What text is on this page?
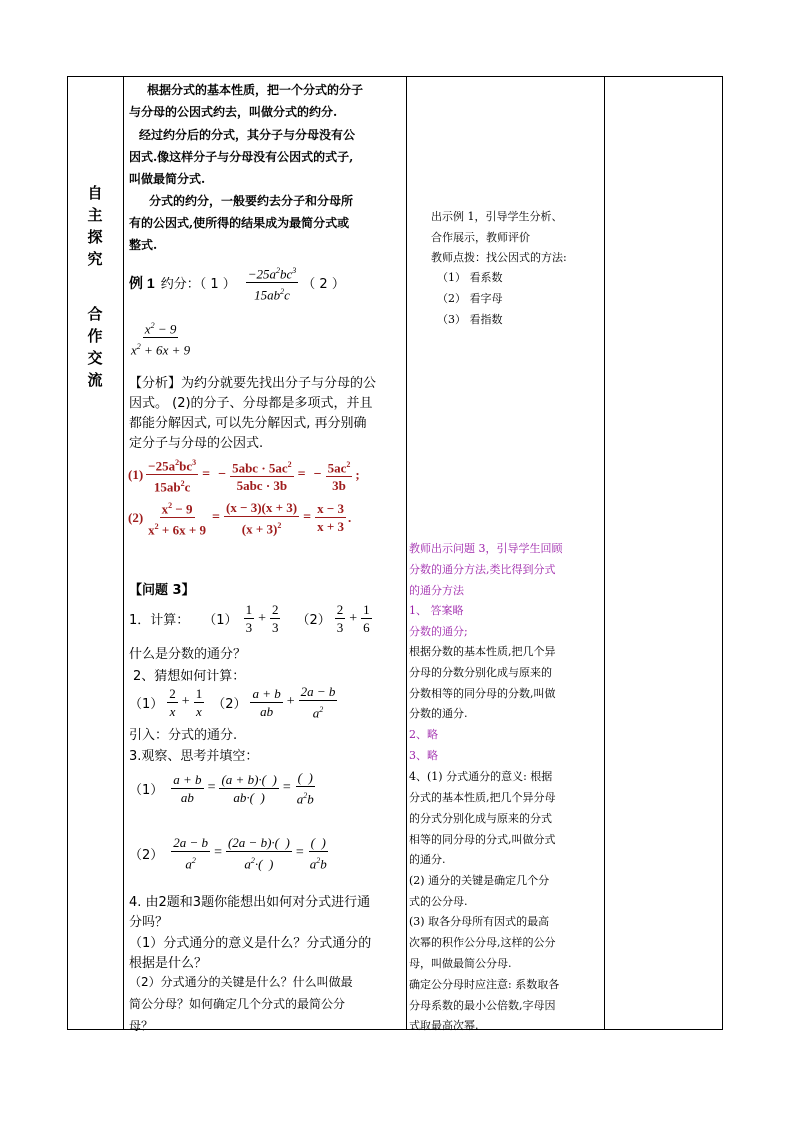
自
主
探
究
合
作
交
流
根据分式的基本性质，把一个分式的分子
与分母的公因式约去，叫做分式的约分.
经过约分后的分式，其分子与分母没有公
因式.像这样分子与分母没有公因式的式子,
叫做最简分式.
分式的约分，一般要约去分子和分母所
有的公因式,使所得的结果成为最简分式或
整式.
例 1 约分：（ 1 ） $\frac{-25a^2bc^3}{15ab^2c}$ （ 2 ）
$\frac{x^2 - 9}{x^2 + 6x + 9}$
【分析】为约分就要先找出分子与分母的公
因式。 (2)的分子、分母都是多项式，并且
都能分解因式, 可以先分解因式, 再分别确
定分子与分母的公因式.
$(1) \frac{-25a^2bc^3}{15ab^2c}$ = − $\frac{5abc \cdot 5ac^2}{\text{5abc · 3b}}$ = − $\frac{5ac^2}{3b}$ ;
$(2) \frac{x^2 - 9}{x^2 + 6x + 9} = \frac{(x - 3)(x + 3)}{(x + 3)^2} = \frac{x - 3}{x + 3}$ .
【问题 3】
1．计算： $(1) \frac{1}{3} + \frac{2}{3} (2) \frac{2}{3} + \frac{1}{6}$
什么是分数的通分？
2、猜想如何计算：
$(1) \frac{2}{x} + \frac{1}{x} (2) \frac{a + b}{ab} + \frac{2a - b}{a^2}$
引入：分式的通分.
3.观察、思考并填空：
$(1) \frac{a + b}{ab} = \frac{(a + b)\cdot( )}{ab\cdot( )} = \frac{( )}{a^2b}$
$(2) \frac{2a - b}{a^2} = \frac{(2a - b)\cdot( )}{a^2\cdot( )} = \frac{( )}{a^2b}$
4. 由2题和3题你能想出如何对分式进行通
分吗？
（1）分式通分的意义是什么？分式通分的
根据是什么？
（2）分式通分的关键是什么？什么叫做最
简公分母？如何确定几个分式的最简公分
母？
出示例 1，引导学生分析、
合作展示，教师评价
教师点拨：找公因式的方法:
（1） 看系数
（2） 看字母
（3） 看指数
教师出示问题 3，引导学生回顾
分数的通分方法,类比得到分式
的通分方法
1、 答案略
分数的通分;
根据分数的基本性质,把几个异
分母的分数分别化成与原来的
分数相等的同分母的分数,叫做
分数的通分.
2、略
3、略
4、(1) 分式通分的意义: 根据
分式的基本性质,把几个异分母
的分式分别化成与原来的分式
相等的同分母的分式,叫做分式
的通分.
(2) 通分的关键是确定几个分
式的公分母.
(3) 取各分母所有因式的最高
次幂的积作公分母,这样的公分
母，叫做最简公分母.
确定公分母时应注意: 系数取各
分母系数的最小公倍数,字母因
式取最高次幂.
